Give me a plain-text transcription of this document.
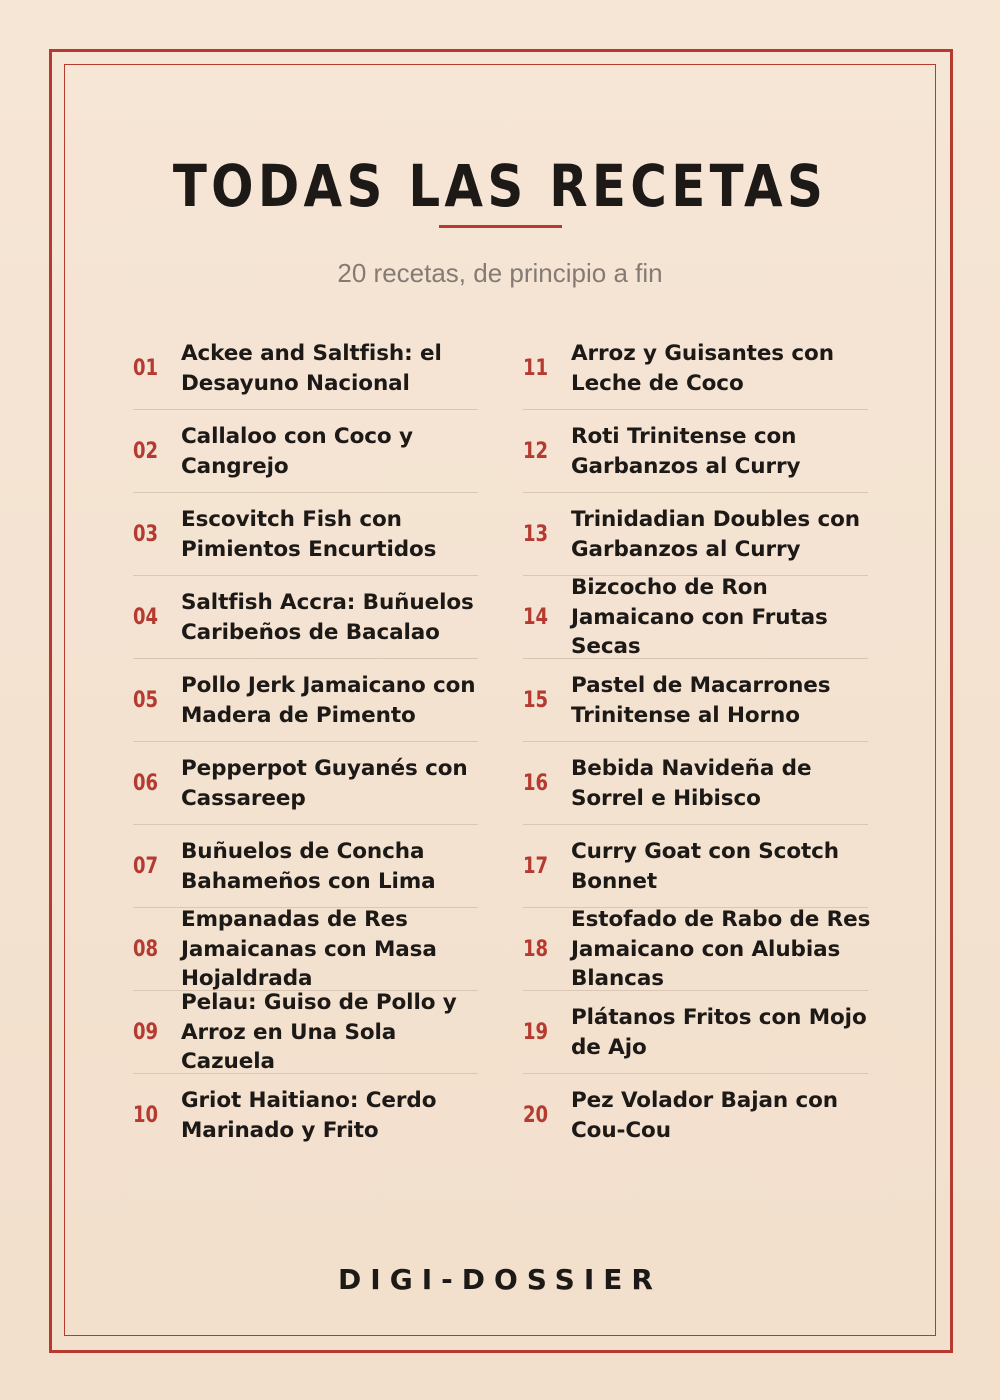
TODAS LAS RECETAS
20 recetas, de principio a fin
01
Ackee and Saltfish: el Desayuno Nacional
02
Callaloo con Coco y Cangrejo
03
Escovitch Fish con Pimientos Encurtidos
04
Saltfish Accra: Buñuelos Caribeños de Bacalao
05
Pollo Jerk Jamaicano con Madera de Pimento
06
Pepperpot Guyanés con Cassareep
07
Buñuelos de Concha Bahameños con Lima
08
Empanadas de Res Jamaicanas con Masa Hojaldrada
09
Pelau: Guiso de Pollo y Arroz en Una Sola Cazuela
10
Griot Haitiano: Cerdo Marinado y Frito
11
Arroz y Guisantes con Leche de Coco
12
Roti Trinitense con Garbanzos al Curry
13
Trinidadian Doubles con Garbanzos al Curry
14
Bizcocho de Ron Jamaicano con Frutas Secas
15
Pastel de Macarrones Trinitense al Horno
16
Bebida Navideña de Sorrel e Hibisco
17
Curry Goat con Scotch Bonnet
18
Estofado de Rabo de Res Jamaicano con Alubias Blancas
19
Plátanos Fritos con Mojo de Ajo
20
Pez Volador Bajan con Cou-Cou
DIGI-DOSSIER
